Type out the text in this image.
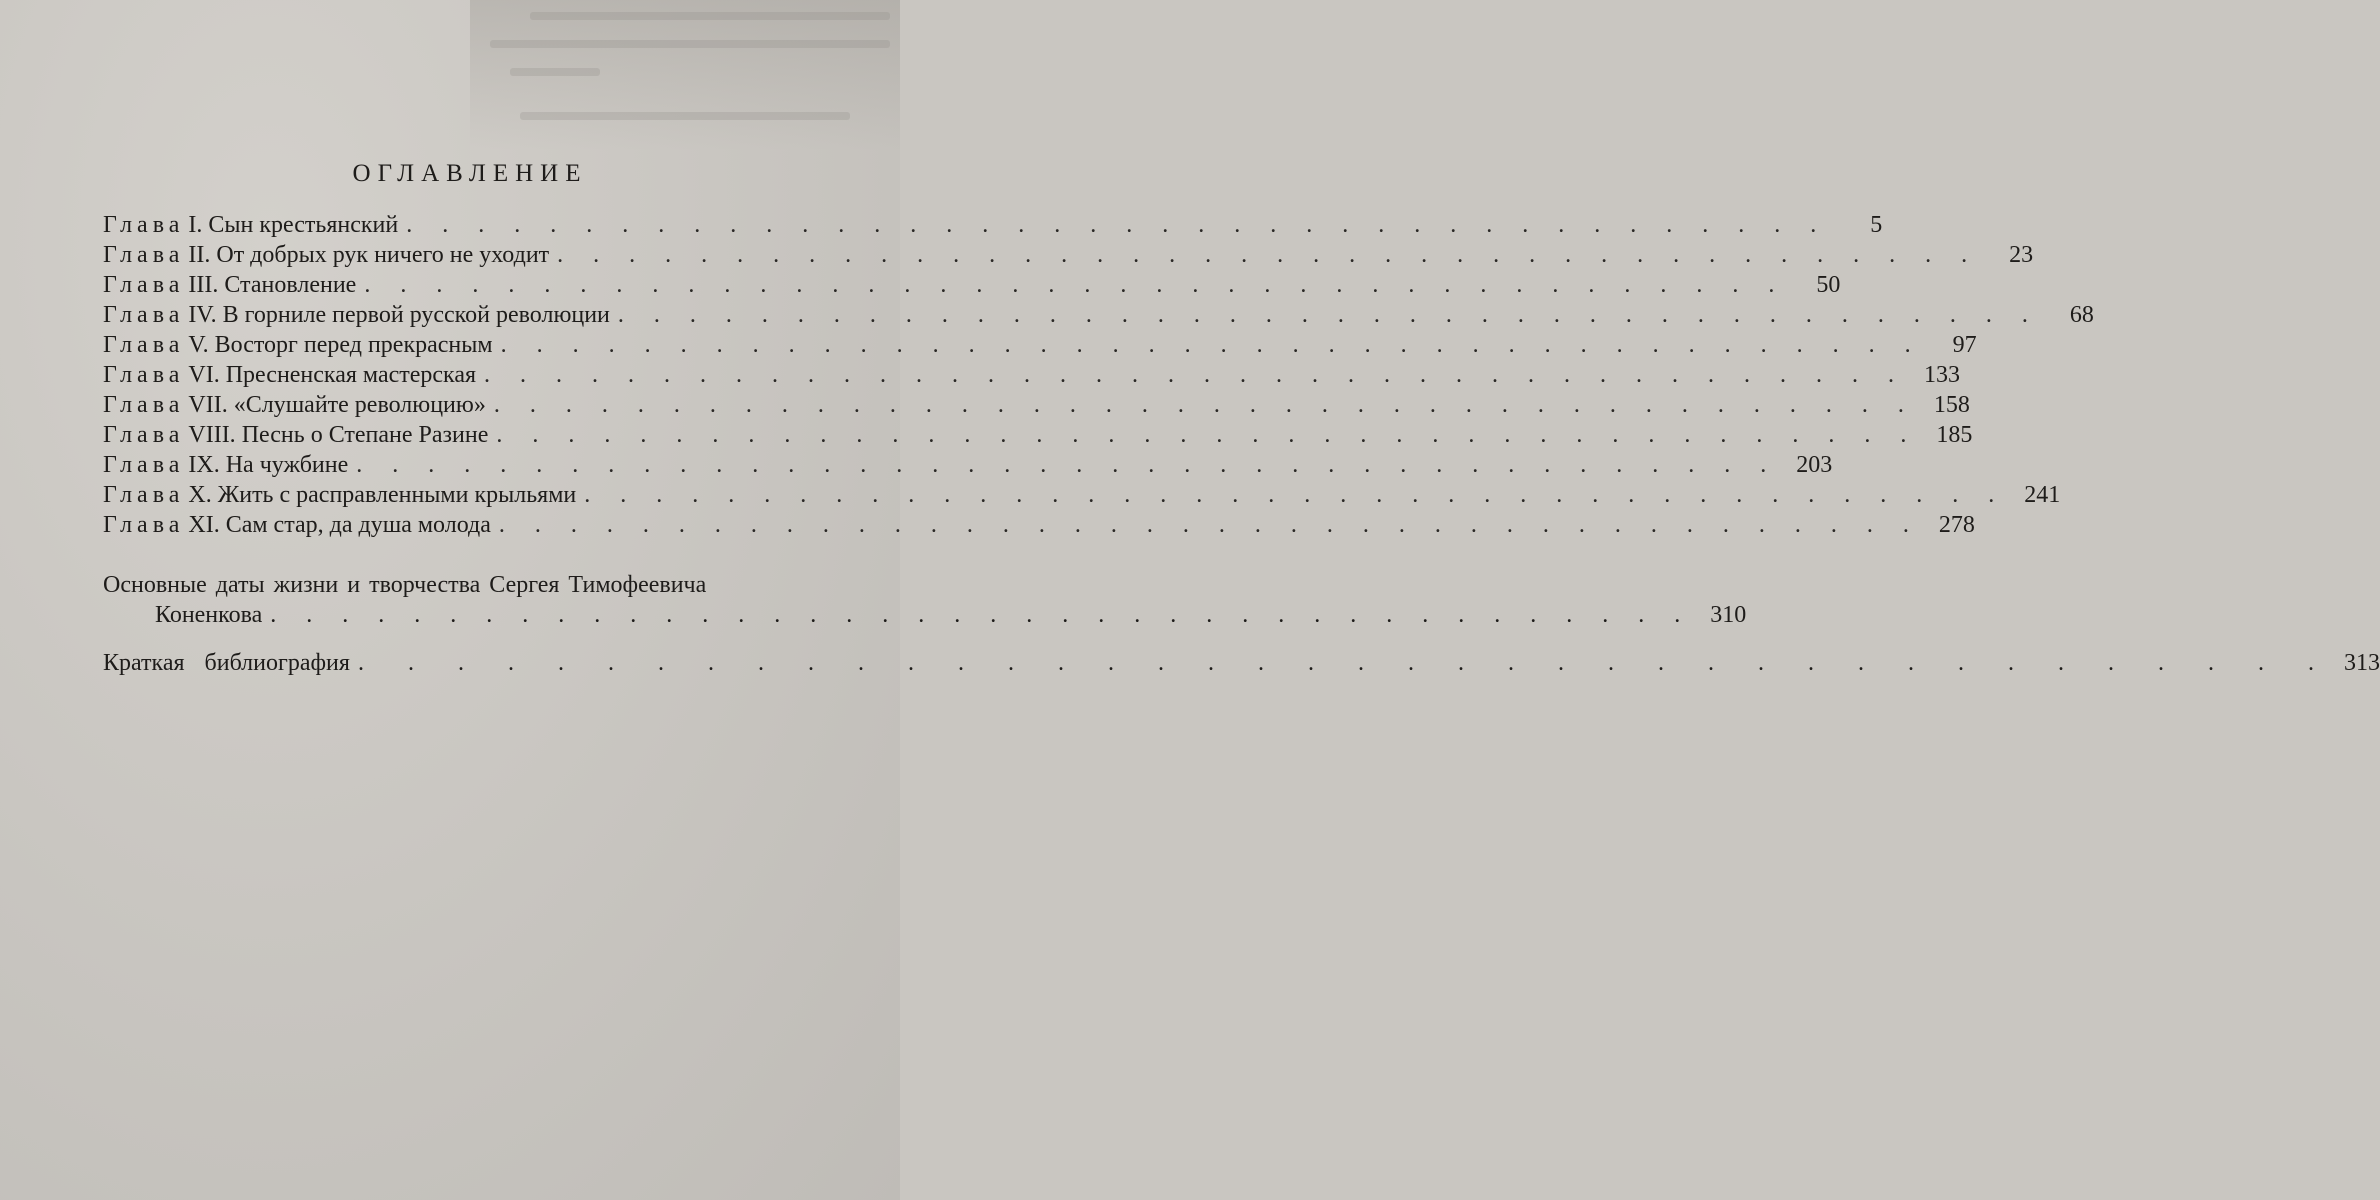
ОГЛАВЛЕНИЕ
Глава I. Сын крестьянский . . . . . . . . . . . . . . . . . . . . . . . . . . . . . . . . . . . . . . . .	5
Глава II. От добрых рук ничего не уходит . . . . . . . . . . . . . . . . . . . . . . . . . . . . . . . . . . . . . . . .	23
Глава III. Становление . . . . . . . . . . . . . . . . . . . . . . . . . . . . . . . . . . . . . . . .	50
Глава IV. В горниле первой русской революции . . . . . . . . . . . . . . . . . . . . . . . . . . . . . . . . . . . . . . . .	68
Глава V. Восторг перед прекрасным . . . . . . . . . . . . . . . . . . . . . . . . . . . . . . . . . . . . . . . .	97
Глава VI. Пресненская мастерская . . . . . . . . . . . . . . . . . . . . . . . . . . . . . . . . . . . . . . . . 133
Глава VII. «Слушайте революцию» . . . . . . . . . . . . . . . . . . . . . . . . . . . . . . . . . . . . . . . . 158
Глава VIII. Песнь о Степане Разине . . . . . . . . . . . . . . . . . . . . . . . . . . . . . . . . . . . . . . . . 185
Глава IX. На чужбине . . . . . . . . . . . . . . . . . . . . . . . . . . . . . . . . . . . . . . . . 203
Глава X. Жить с расправленными крыльями . . . . . . . . . . . . . . . . . . . . . . . . . . . . . . . . . . . . . . . . 241
Глава XI. Сам стар, да душа молода . . . . . . . . . . . . . . . . . . . . . . . . . . . . . . . . . . . . . . . . 278
Основные даты жизни и творчества Сергея Тимофеевича
Коненкова . . . . . . . . . . . . . . . . . . . . . . . . . . . . . . . . . . . . . . . . 310
Краткая библиография . . . . . . . . . . . . . . . . . . . . . . . . . . . . . . . . . . . . . . . . 313
